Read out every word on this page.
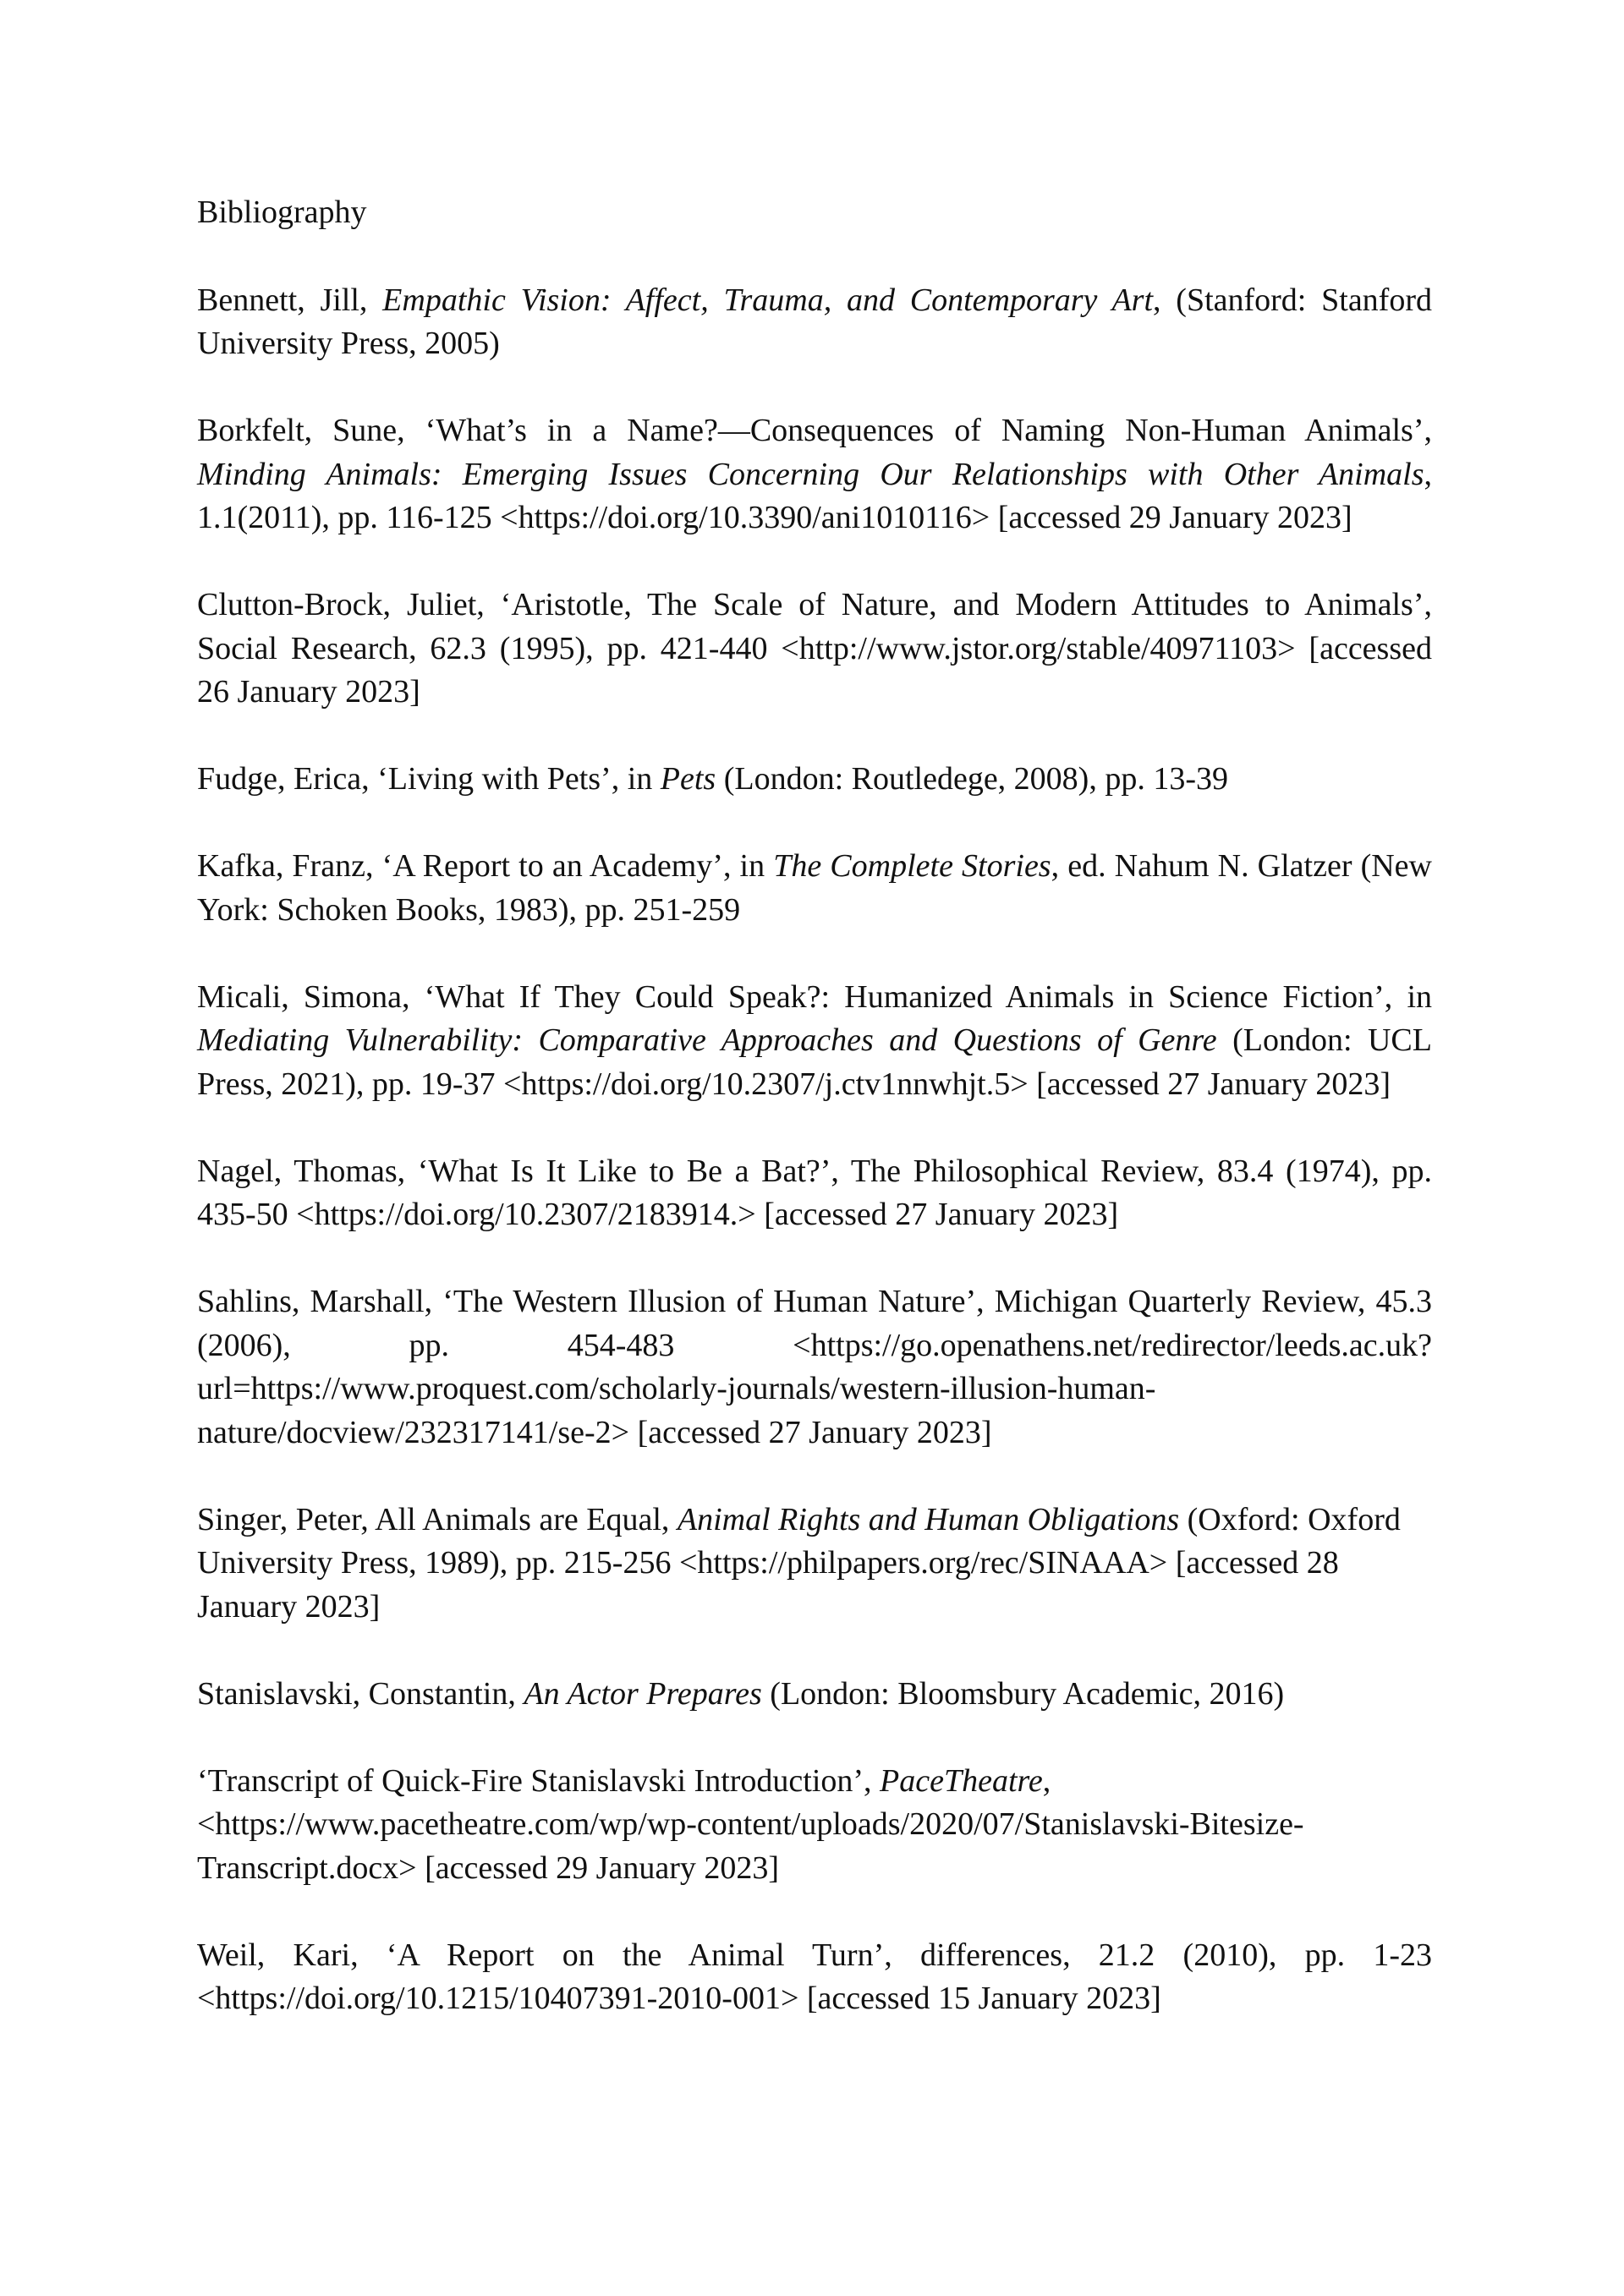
Bibliography

Bennett, Jill, Empathic Vision: Affect, Trauma, and Contemporary Art, (Stanford: Stanford University Press, 2005)

Borkfelt, Sune, ‘What’s in a Name?—Consequences of Naming Non-Human Animals’, Minding Animals: Emerging Issues Concerning Our Relationships with Other Animals, 1.1(2011), pp. 116-125 <https://doi.org/10.3390/ani1010116> [accessed 29 January 2023]

Clutton-Brock, Juliet, ‘Aristotle, The Scale of Nature, and Modern Attitudes to Animals’, Social Research, 62.3 (1995), pp. 421-440 <http://www.jstor.org/stable/40971103> [accessed 26 January 2023]

Fudge, Erica, ‘Living with Pets’, in Pets (London: Routledege, 2008), pp. 13-39

Kafka, Franz, ‘A Report to an Academy’, in The Complete Stories, ed. Nahum N. Glatzer (New York: Schoken Books, 1983), pp. 251-259

Micali, Simona, ‘What If They Could Speak?: Humanized Animals in Science Fiction’, in Mediating Vulnerability: Comparative Approaches and Questions of Genre (London: UCL Press, 2021), pp. 19-37 <https://doi.org/10.2307/j.ctv1nnwhjt.5> [accessed 27 January 2023]

Nagel, Thomas, ‘What Is It Like to Be a Bat?’, The Philosophical Review, 83.4 (1974), pp. 435-50 <https://doi.org/10.2307/2183914.> [accessed 27 January 2023]

Sahlins, Marshall, ‘The Western Illusion of Human Nature’, Michigan Quarterly Review, 45.3 (2006), pp. 454-483 <https://go.openathens.net/redirector/leeds.ac.uk?url=https://www.proquest.com/scholarly-journals/western-illusion-human-nature/docview/232317141/se-2> [accessed 27 January 2023]

Singer, Peter, All Animals are Equal, Animal Rights and Human Obligations (Oxford: Oxford University Press, 1989), pp. 215-256 <https://philpapers.org/rec/SINAAA> [accessed 28 January 2023]

Stanislavski, Constantin, An Actor Prepares (London: Bloomsbury Academic, 2016)

‘Transcript of Quick-Fire Stanislavski Introduction’, PaceTheatre, <https://www.pacetheatre.com/wp/wp-content/uploads/2020/07/Stanislavski-Bitesize-Transcript.docx> [accessed 29 January 2023]

Weil, Kari, ‘A Report on the Animal Turn’, differences, 21.2 (2010), pp. 1-23 <https://doi.org/10.1215/10407391-2010-001> [accessed 15 January 2023]
